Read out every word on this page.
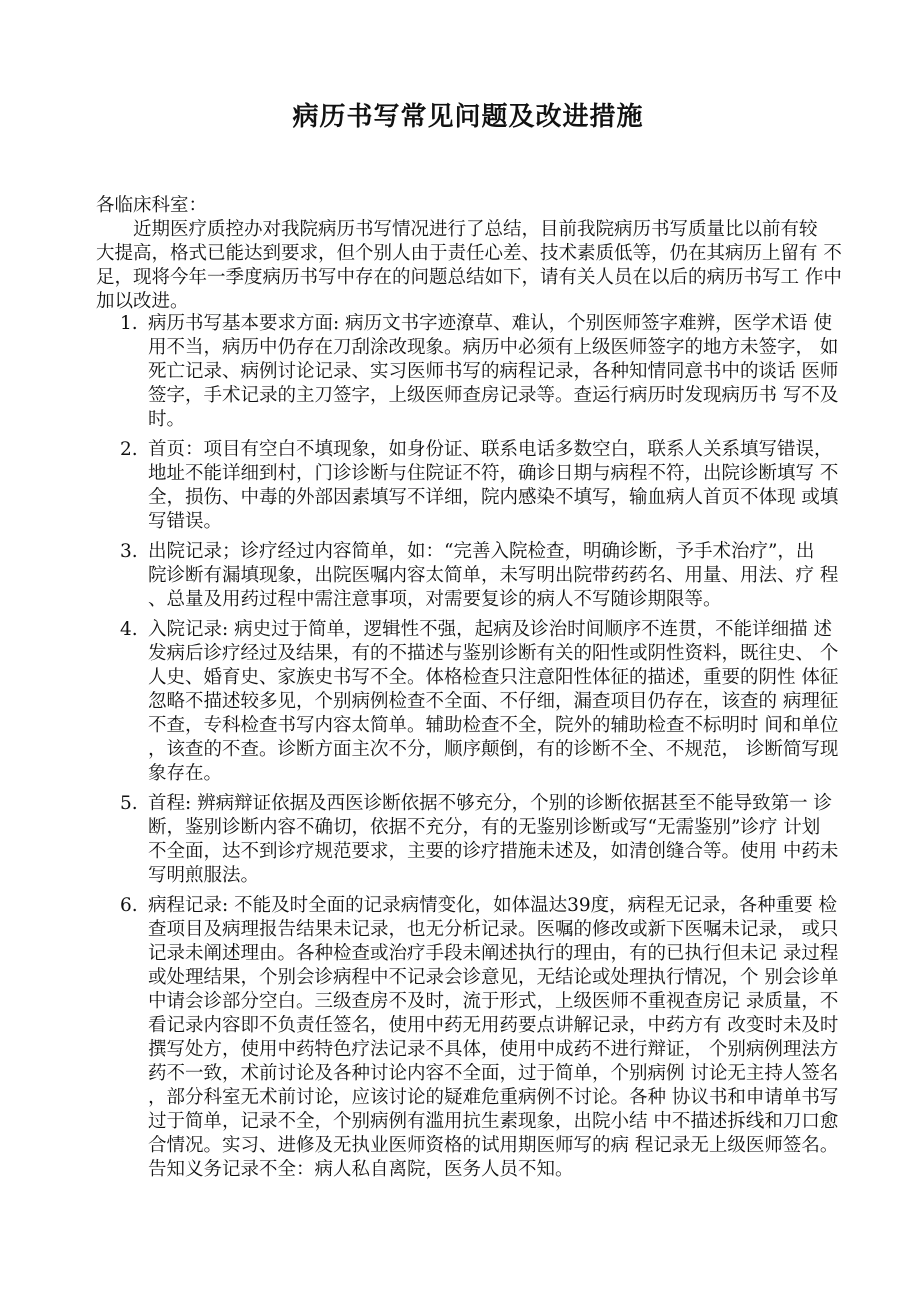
病历书写常见问题及改进措施
各临床科室：
近期医疗质控办对我院病历书写情况进行了总结，目前我院病历书写质量比以前有较
大提高，格式已能达到要求，但个别人由于责任心差、技术素质低等，仍在其病历上留有 不
足，现将今年一季度病历书写中存在的问题总结如下，请有关人员在以后的病历书写工 作中
加以改进。
1. 病历书写基本要求方面: 病历文书字迹潦草、难认，个别医师签字难辨，医学术语 使
用不当，病历中仍存在刀刮涂改现象。病历中必须有上级医师签字的地方未签字， 如
死亡记录、病例讨论记录、实习医师书写的病程记录，各种知情同意书中的谈话 医师
签字，手术记录的主刀签字，上级医师查房记录等。查运行病历时发现病历书 写不及
时。
2. 首页：项目有空白不填现象，如身份证、联系电话多数空白，联系人关系填写错误，
地址不能详细到村，门诊诊断与住院证不符，确诊日期与病程不符，出院诊断填写 不
全，损伤、中毒的外部因素填写不详细，院内感染不填写，输血病人首页不体现 或填
写错误。
3. 出院记录；诊疗经过内容简单，如：“完善入院检查，明确诊断，予手术治疗”，出
院诊断有漏填现象，出院医嘱内容太简单，未写明出院带药药名、用量、用法、疗 程
、总量及用药过程中需注意事项，对需要复诊的病人不写随诊期限等。
4. 入院记录: 病史过于简单，逻辑性不强，起病及诊治时间顺序不连贯，不能详细描 述
发病后诊疗经过及结果，有的不描述与鉴别诊断有关的阳性或阴性资料，既往史、 个
人史、婚育史、家族史书写不全。体格检查只注意阳性体征的描述，重要的阴性 体征
忽略不描述较多见，个别病例检查不全面、不仔细，漏查项目仍存在，该查的 病理征
不查，专科检查书写内容太简单。辅助检查不全，院外的辅助检查不标明时 间和单位
，该查的不查。诊断方面主次不分，顺序颠倒，有的诊断不全、不规范， 诊断简写现
象存在。
5. 首程: 辨病辩证依据及西医诊断依据不够充分，个别的诊断依据甚至不能导致第一 诊
断，鉴别诊断内容不确切，依据不充分，有的无鉴别诊断或写“无需鉴别”诊疗 计划
不全面，达不到诊疗规范要求，主要的诊疗措施未述及，如清创缝合等。使用 中药未
写明煎服法。
6. 病程记录: 不能及时全面的记录病情变化，如体温达39度，病程无记录，各种重要 检
查项目及病理报告结果未记录，也无分析记录。医嘱的修改或新下医嘱未记录， 或只
记录未阐述理由。各种检查或治疗手段未阐述执行的理由，有的已执行但未记 录过程
或处理结果，个别会诊病程中不记录会诊意见，无结论或处理执行情况，个 别会诊单
中请会诊部分空白。三级查房不及时，流于形式，上级医师不重视查房记 录质量，不
看记录内容即不负责任签名，使用中药无用药要点讲解记录，中药方有 改变时未及时
撰写处方，使用中药特色疗法记录不具体，使用中成药不进行辩证， 个别病例理法方
药不一致，术前讨论及各种讨论内容不全面，过于简单，个别病例 讨论无主持人签名
，部分科室无术前讨论，应该讨论的疑难危重病例不讨论。各种 协议书和申请单书写
过于简单，记录不全，个别病例有滥用抗生素现象，出院小结 中不描述拆线和刀口愈
合情况。实习、进修及无执业医师资格的试用期医师写的病 程记录无上级医师签名。
告知义务记录不全：病人私自离院，医务人员不知。
